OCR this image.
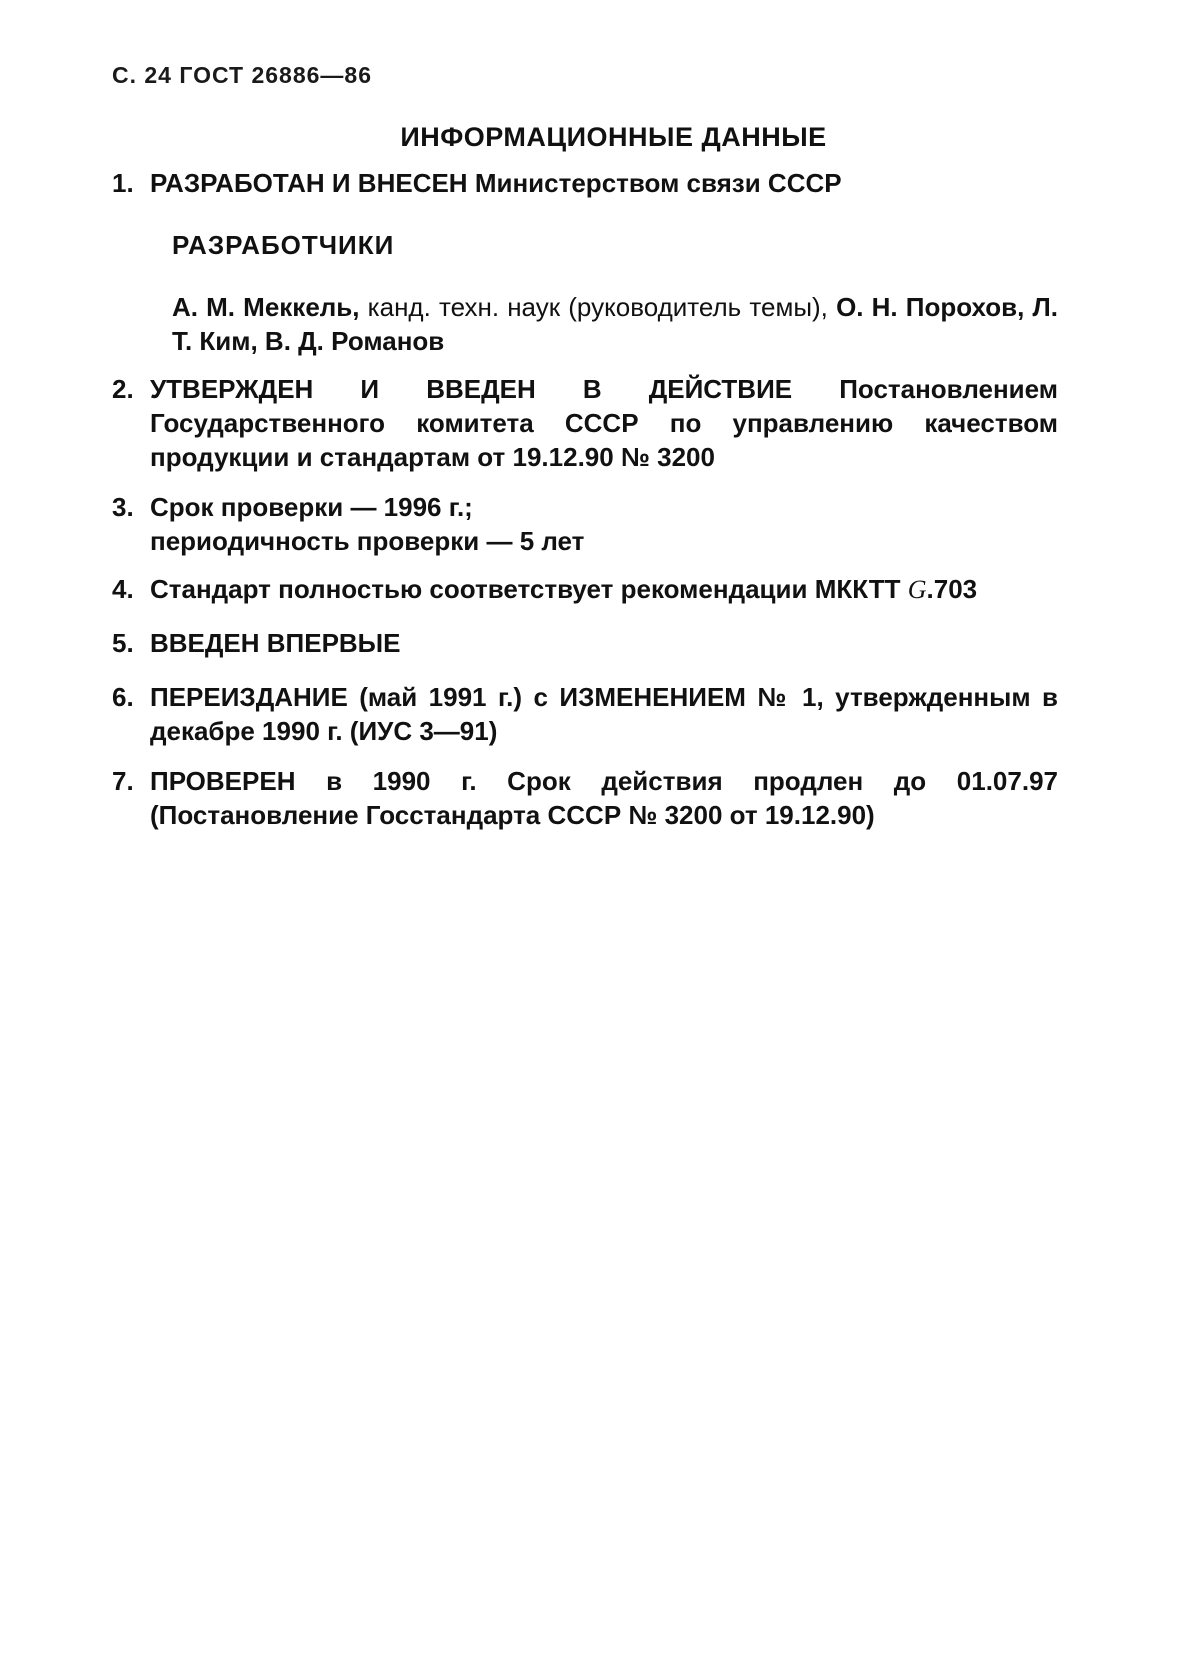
С. 24 ГОСТ 26886—86
ИНФОРМАЦИОННЫЕ ДАННЫЕ
1. РАЗРАБОТАН И ВНЕСЕН Министерством связи СССР
РАЗРАБОТЧИКИ
А. М. Меккель, канд. техн. наук (руководитель темы), О. Н. Порохов, Л. Т. Ким, В. Д. Романов
2. УТВЕРЖДЕН И ВВЕДЕН В ДЕЙСТВИЕ Постановлением Государственного комитета СССР по управлению качеством продукции и стандартам от 19.12.90 № 3200
3. Срок проверки — 1996 г.;
периодичность проверки — 5 лет
4. Стандарт полностью соответствует рекомендации МККТТ G.703
5. ВВЕДЕН ВПЕРВЫЕ
6. ПЕРЕИЗДАНИЕ (май 1991 г.) с ИЗМЕНЕНИЕМ № 1, утвержденным в декабре 1990 г. (ИУС 3—91)
7. ПРОВЕРЕН в 1990 г. Срок действия продлен до 01.07.97 (Постановление Госстандарта СССР № 3200 от 19.12.90)
